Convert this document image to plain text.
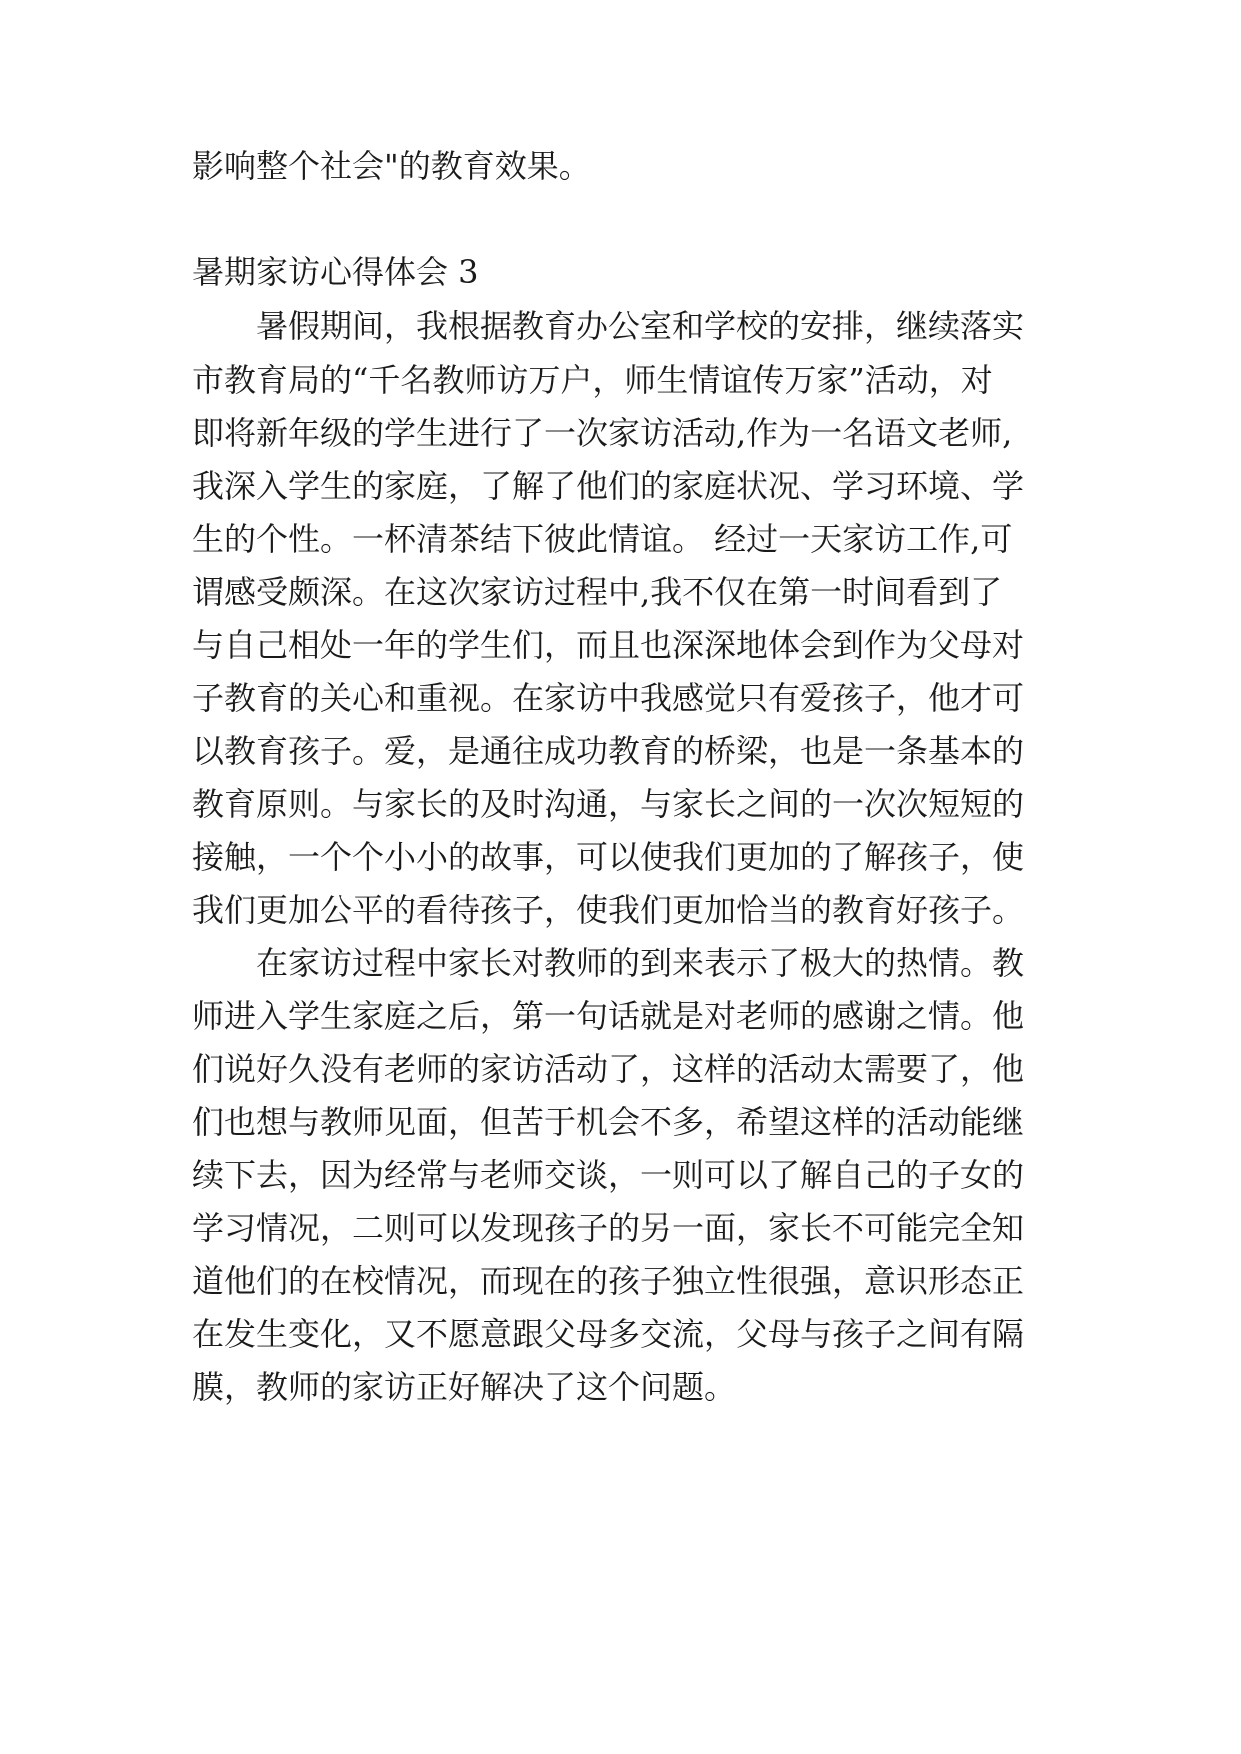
影响整个社会"的教育效果。
暑期家访心得体会 3
暑假期间，我根据教育办公室和学校的安排，继续落实
市教育局的“千名教师访万户，师生情谊传万家”活动，对
即将新年级的学生进行了一次家访活动,作为一名语文老师,
我深入学生的家庭，了解了他们的家庭状况、学习环境、学
生的个性。一杯清茶结下彼此情谊。 经过一天家访工作,可
谓感受颇深。在这次家访过程中,我不仅在第一时间看到了
与自己相处一年的学生们，而且也深深地体会到作为父母对
子教育的关心和重视。在家访中我感觉只有爱孩子，他才可
以教育孩子。爱，是通往成功教育的桥梁，也是一条基本的
教育原则。与家长的及时沟通，与家长之间的一次次短短的
接触，一个个小小的故事，可以使我们更加的了解孩子，使
我们更加公平的看待孩子，使我们更加恰当的教育好孩子。
在家访过程中家长对教师的到来表示了极大的热情。教
师进入学生家庭之后，第一句话就是对老师的感谢之情。他
们说好久没有老师的家访活动了，这样的活动太需要了，他
们也想与教师见面，但苦于机会不多，希望这样的活动能继
续下去，因为经常与老师交谈，一则可以了解自己的子女的
学习情况，二则可以发现孩子的另一面，家长不可能完全知
道他们的在校情况，而现在的孩子独立性很强，意识形态正
在发生变化，又不愿意跟父母多交流，父母与孩子之间有隔
膜，教师的家访正好解决了这个问题。
